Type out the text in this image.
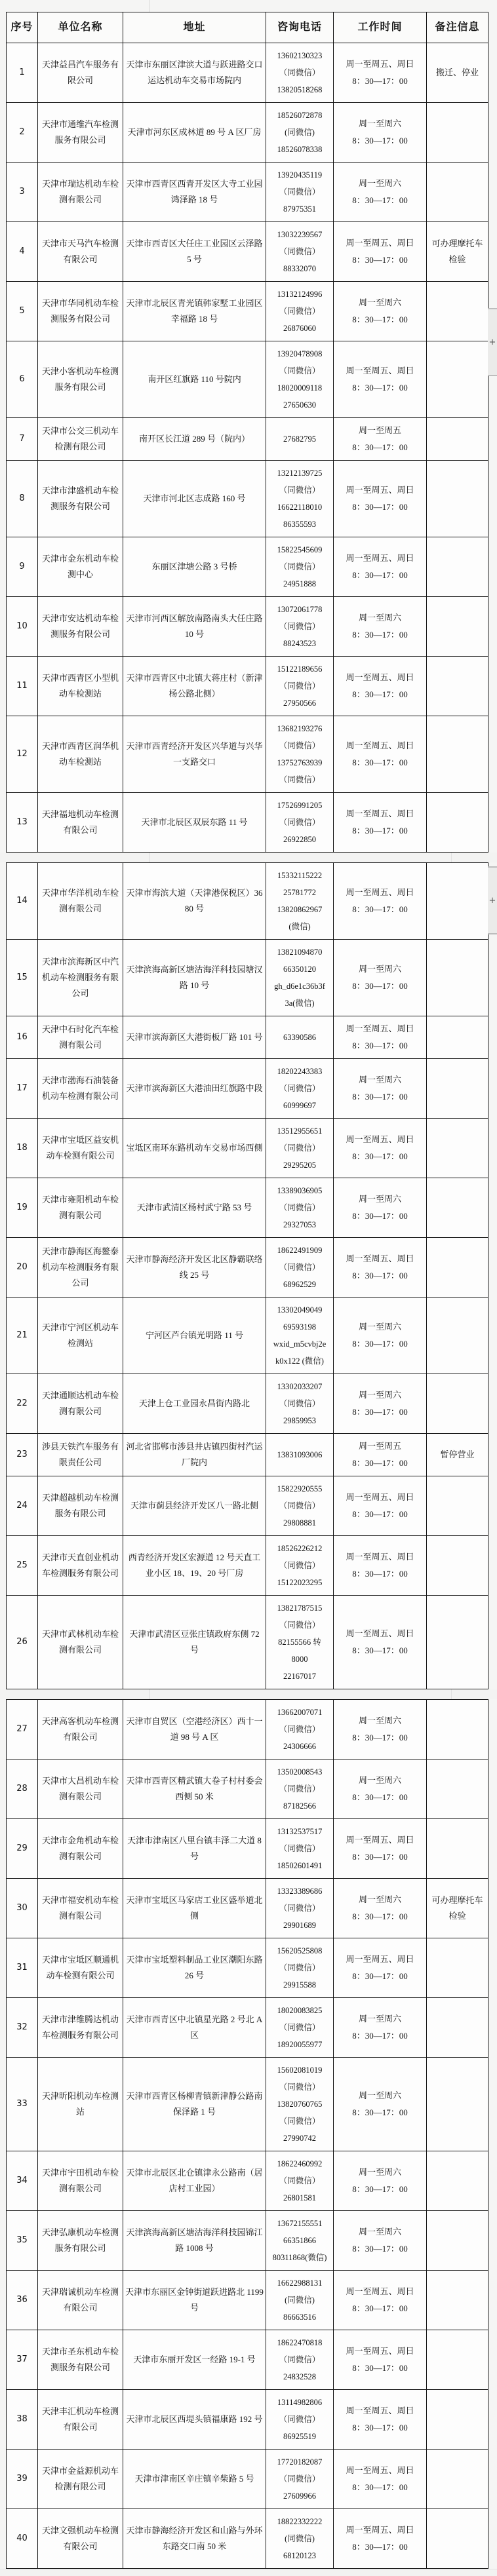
序号	单位名称	地址	咨询电话	工作时间	备注信息
1	天津益昌汽车服务有限公司	天津市东丽区津滨大道与跃进路交口运达机动车交易市场院内	
13602130323
（同微信）
13820518268

周一至周五、周日
8：30—17：00
	搬迁、停业
2	天津市通维汽车检测服务有限公司	天津市河东区成林道 89 号 A 区厂房	
18526072878
(同微信)
18526078338

周一至周六
8：30—17：00

3	天津市瑞达机动车检测有限公司	天津市西青区西青开发区大寺工业园鸿泽路 18 号	
13920435119
（同微信）
87975351

周一至周六
8：30—17：00

4	天津市天马汽车检测有限公司	天津市西青区大任庄工业园区云泽路 5 号	
13032239567
（同微信）
88332070

周一至周五、周日
8：30—17：00
	可办理摩托车检验
5	天津市华同机动车检测服务有限公司	天津市北辰区青光镇韩家墅工业园区幸福路 18 号	
13132124996
（同微信）
26876060

周一至周六
8：30—17：00

6	天津小客机动车检测服务有限公司	南开区红旗路 110 号院内	
13920478908
（同微信）
18020009118
27650630

周一至周五、周日
8：30—17：00

7	天津市公交三机动车检测有限公司	南开区长江道 289 号（院内）	27682795	周一至周五
8：30—17：00	

8	天津市津盛机动车检测服务有限公司	天津市河北区志成路 160 号	
13212139725
（同微信）
16622118010
86355593

周一至周五、周日
8：30—17：00

9	天津市金东机动车检测中心	东丽区津塘公路 3 号桥	
15822545609
（同微信）
24951888

周一至周五、周日
8：30—17：00

10	天津市安达机动车检测服务有限公司	天津市河西区解放南路南头大任庄路 10 号	
13072061778
（同微信）
88243523

周一至周六
8：30—17：00

11	天津市西青区小型机动车检测站	天津市西青区中北镇大蒋庄村（新津杨公路北侧）	
15122189656
（同微信）
27950566

周一至周五、周日
8：30—17：00

12	天津市西青区润华机动车检测站	天津市西青经济开发区兴华道与兴华一支路交口	
13682193276
（同微信）
13752763939
（同微信）

周一至周五、周日
8：30—17：00

13	天津福地机动车检测有限公司	天津市北辰区双辰东路 11 号	
17526991205
（同微信）
26922850

周一至周五、周日
8：30—17：00

14	天津市华洋机动车检测有限公司	天津市海滨大道（天津港保税区）3680 号	
15332115222
25781772
13820862967
(微信)

周一至周五、周日
8：30—17：00

15	天津市滨海新区中汽机动车检测服务有限公司	天津滨海高新区塘沽海洋科技园塘汉路 10 号	
13821094870
66350120
gh_d6e1c36b3f
3a(微信)

周一至周六
8：30—17：00

16	天津中石时化汽车检测有限公司	天津市滨海新区大港街板厂路 101 号	63390586	周一至周五、周日
8：30—17：00	

17	天津市渤海石油装备机动车检测有限公司	天津市滨海新区大港油田红旗路中段	
18202243383
（同微信）
60999697

周一至周六
8：30—17：00

18	天津市宝坻区益安机动车检测有限公司	宝坻区南环东路机动车交易市场西侧	
13512955651
（同微信）
29295205

周一至周五、周日
8：30—17：00

19	天津市雍阳机动车检测有限公司	天津市武清区杨村武宁路 53 号	
13389036905
（同微信）
29327053

周一至周六
8：30—17：00

20	天津市静海区海鳌泰机动车检测服务有限公司	天津市静海经济开发区北区静霸联络线 25 号	
18622491909
（同微信）
68962529

周一至周五、周日
8：30—17：00

21	天津市宁河区机动车检测站	宁河区芦台镇光明路 11 号	
13302049049
69593198
wxid_m5cvbj2e
k0x122 (微信)

周一至周六
8：30—17：00

22	天津通顺达机动车检测有限公司	天津上仓工业园永昌街内路北	
13302033207
（同微信）
29859953

周一至周六
8：30—17：00

23	涉县天铁汽车服务有限责任公司	河北省邯郸市涉县井店镇四街村汽运厂院内	13831093006	周一至周五
8：30—17：00	暂停营业
24	天津超越机动车检测服务有限公司	天津市蓟县经济开发区八一路北侧	
15822920555
（同微信）
29808881

周一至周五、周日
8：30—17：00

25	天津市天直创业机动车检测服务有限公司	西青经济开发区宏源道 12 号天直工业小区 18、19、20 号厂房	
18526226212
（同微信）
15122023295

周一至周五、周日
8：30—17：00

26	天津市武林机动车检测有限公司	天津市武清区豆张庄镇政府东侧 72 号	
13821787515
（同微信）
82155566 转
8000
22167017

周一至周五、周日
8：30—17：00

27	天津高客机动车检测有限公司	天津市自贸区（空港经济区）西十一道 98 号 A 区	
13662007071
（同微信）
24306666

周一至周六
8：30—17：00

28	天津市大昌机动车检测有限公司	天津市西青区精武镇大卷子村村委会西侧 50 米	
13502008543
（同微信）
87182566

周一至周六
8：30—17：00

29	天津市金角机动车检测有限公司	天津市津南区八里台镇丰泽二大道 8 号	
13132537517
（同微信）
18502601491

周一至周五、周日
8：30—17：00

30	天津市福安机动车检测有限公司	天津市宝坻区马家店工业区盛举道北侧	
13323389686
（同微信）
29901689

周一至周六
8：30—17：00
	可办理摩托车检验
31	天津市宝坻区顺通机动车检测有限公司	天津市宝坻塑料制品工业区潮阳东路 26 号	
15620525808
（同微信）
29915588

周一至周五、周日
8：30—17：00

32	天津市津维腾达机动车检测服务有限公司	天津市西青区中北镇星光路 2 号北 A 区	
18020083825
（同微信）
18920055977

周一至周六
8：30—17：00

33	天津昕阳机动车检测站	天津市西青区杨柳青镇新津静公路南保泽路 1 号	
15602081019
（同微信）
13820760765
（同微信）
27990742

周一至周六
8：30—17：00

34	天津市宇田机动车检测有限公司	天津市北辰区北仓镇津永公路南（居店村工业园）	
18622460992
（同微信）
26801581

周一至周六
8：30—17：00

35	天津弘康机动车检测服务有限公司	天津滨海高新区塘沽海洋科技园锦江路 1008 号	
13672155551
66351866
80311868(微信)

周一至周六
8：30—17：00

36	天津瑞诚机动车检测有限公司	天津市东丽区金钟街道跃进路北 1199 号	
16622988131
(同微信)
86663516

周一至周五、周日
8：30—17：00

37	天津市圣东机动车检测服务有限公司	天津市东丽开发区一经路 19-1 号	
18622470818
（同微信）
24832528

周一至周五、周日
8：30—17：00

38	天津丰汇机动车检测有限公司	天津市北辰区西堤头镇福康路 192 号	
13114982806
（同微信）
86925519

周一至周五、周日
8：30—17：00

39	天津市金益源机动车检测有限公司	天津市津南区辛庄镇辛柴路 5 号	
17720182087
（同微信）
27609966

周一至周五、周日
8：30—17：00

40	天津文强机动车检测有限公司	天津市静海经济开发区和山路与外环东路交口南 50 米	
18822332222
(同微信)
68120123

周一至周五、周日
8：30—17：00

+
+
